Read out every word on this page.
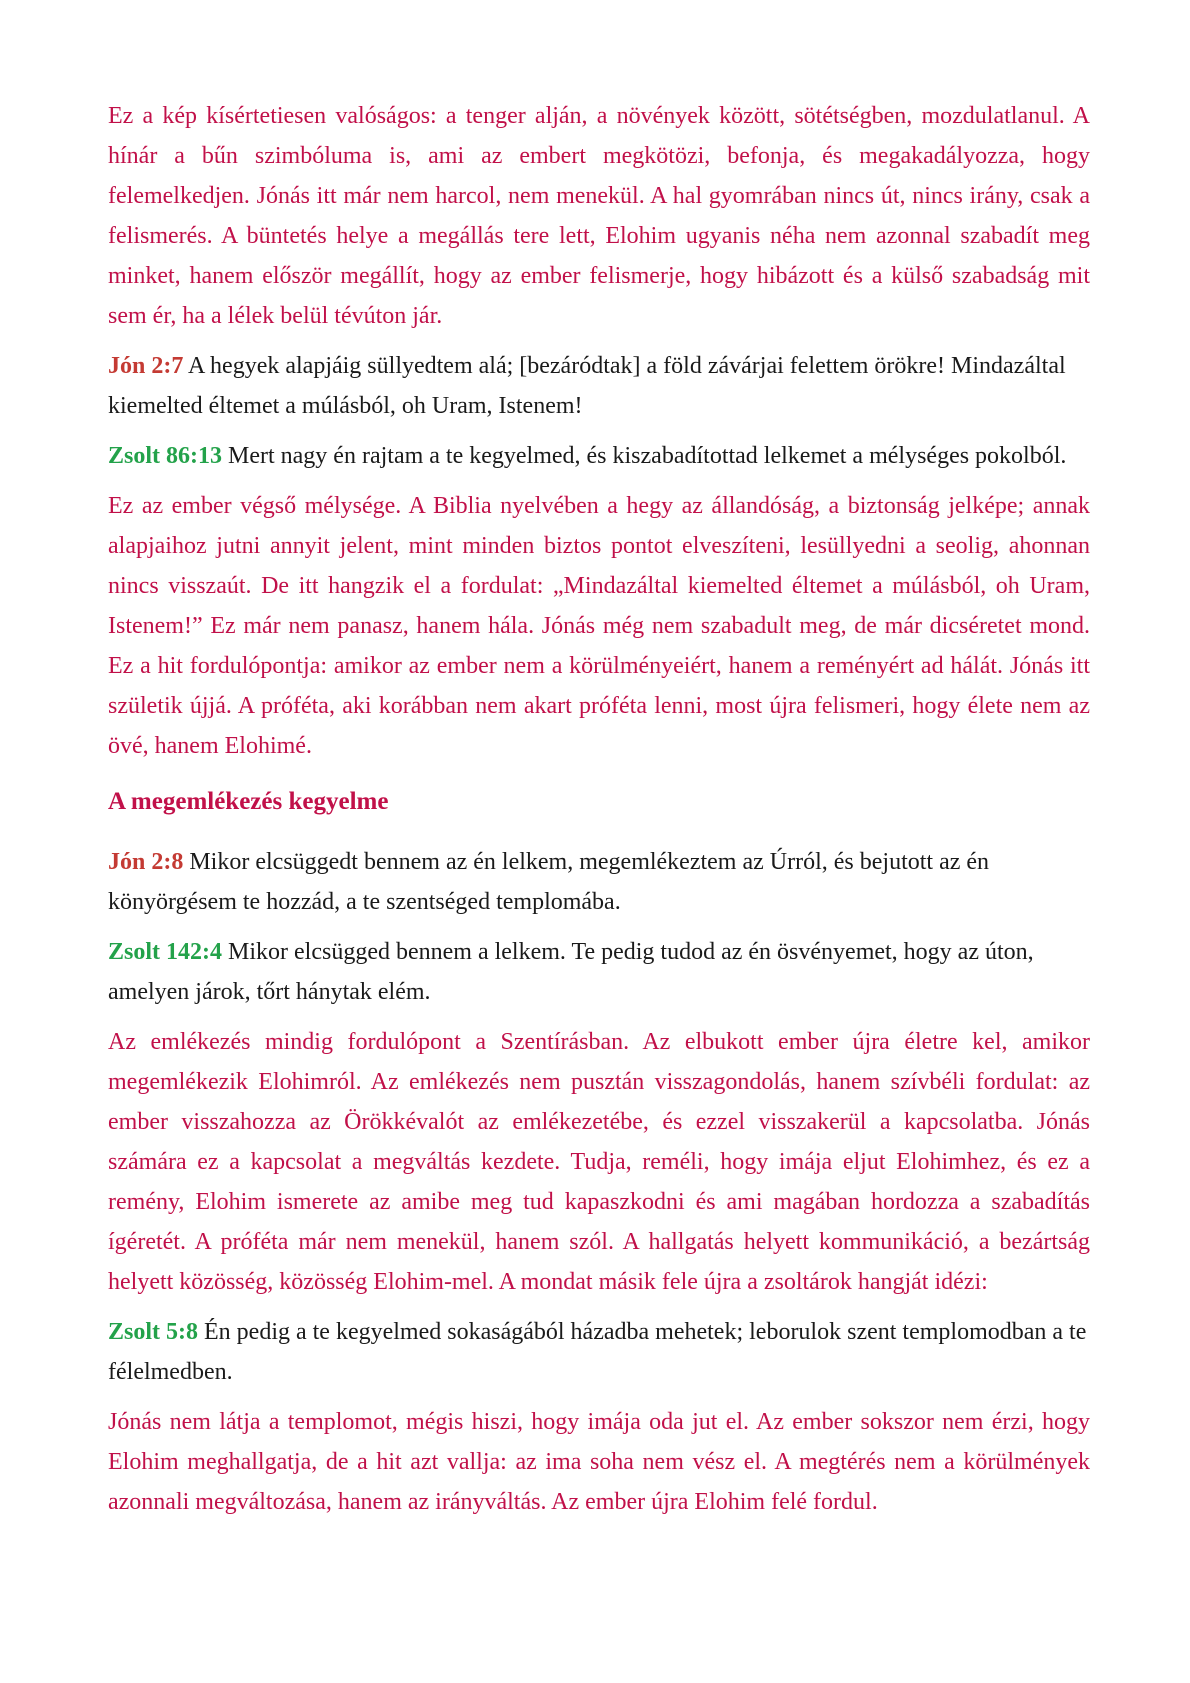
Ez a kép kísértetiesen valóságos: a tenger alján, a növények között, sötétségben, mozdulatlanul. A hínár a bűn szimbóluma is, ami az embert megkötözi, befonja, és megakadályozza, hogy felemelkedjen. Jónás itt már nem harcol, nem menekül. A hal gyomrában nincs út, nincs irány, csak a felismerés. A büntetés helye a megállás tere lett, Elohim ugyanis néha nem azonnal szabadít meg minket, hanem először megállít, hogy az ember felismerje, hogy hibázott és a külső szabadság mit sem ér, ha a lélek belül tévúton jár.

Jón 2:7 A hegyek alapjáig süllyedtem alá; [bezáródtak] a föld závárjai felettem örökre! Mindazáltal kiemelted éltemet a múlásból, oh Uram, Istenem!

Zsolt 86:13 Mert nagy én rajtam a te kegyelmed, és kiszabadítottad lelkemet a mélységes pokolból.

Ez az ember végső mélysége. A Biblia nyelvében a hegy az állandóság, a biztonság jelképe; annak alapjaihoz jutni annyit jelent, mint minden biztos pontot elveszíteni, lesüllyedni a seolig, ahonnan nincs visszaút. De itt hangzik el a fordulat: „Mindazáltal kiemelted éltemet a múlásból, oh Uram, Istenem!” Ez már nem panasz, hanem hála. Jónás még nem szabadult meg, de már dicséretet mond. Ez a hit fordulópontja: amikor az ember nem a körülményeiért, hanem a reményért ad hálát. Jónás itt születik újjá. A próféta, aki korábban nem akart próféta lenni, most újra felismeri, hogy élete nem az övé, hanem Elohimé.

A megemlékezés kegyelme

Jón 2:8 Mikor elcsüggedt bennem az én lelkem, megemlékeztem az Úrról, és bejutott az én könyörgésem te hozzád, a te szentséged templomába.

Zsolt 142:4 Mikor elcsügged bennem a lelkem. Te pedig tudod az én ösvényemet, hogy az úton, amelyen járok, tőrt hánytak elém.

Az emlékezés mindig fordulópont a Szentírásban. Az elbukott ember újra életre kel, amikor megemlékezik Elohimról. Az emlékezés nem pusztán visszagondolás, hanem szívbéli fordulat: az ember visszahozza az Örökkévalót az emlékezetébe, és ezzel visszakerül a kapcsolatba. Jónás számára ez a kapcsolat a megváltás kezdete. Tudja, reméli, hogy imája eljut Elohimhez, és ez a remény, Elohim ismerete az amibe meg tud kapaszkodni és ami magában hordozza a szabadítás ígéretét. A próféta már nem menekül, hanem szól. A hallgatás helyett kommunikáció, a bezártság helyett közösség, közösség Elohim-mel. A mondat másik fele újra a zsoltárok hangját idézi:

Zsolt 5:8 Én pedig a te kegyelmed sokaságából házadba mehetek; leborulok szent templomodban a te félelmedben.

Jónás nem látja a templomot, mégis hiszi, hogy imája oda jut el. Az ember sokszor nem érzi, hogy Elohim meghallgatja, de a hit azt vallja: az ima soha nem vész el. A megtérés nem a körülmények azonnali megváltozása, hanem az irányváltás. Az ember újra Elohim felé fordul.
